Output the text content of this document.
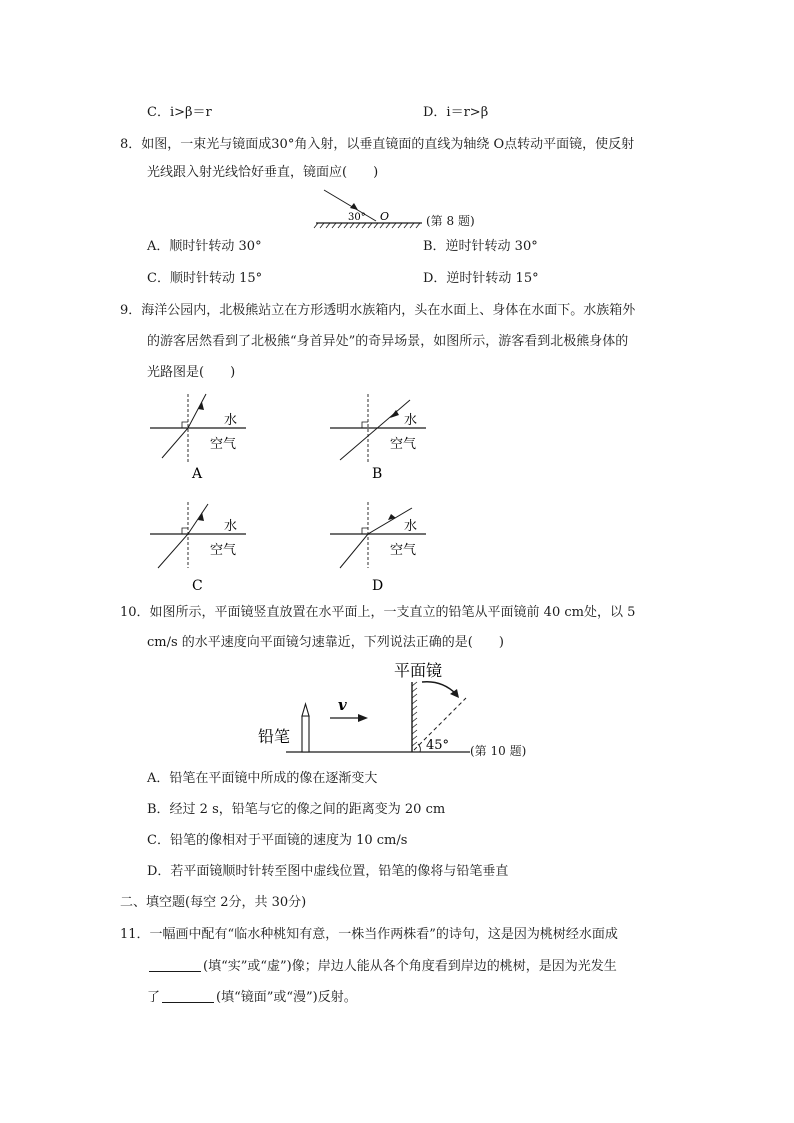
C．i>β＝r	D．i＝r>β
8．如图，一束光与镜面成30°角入射，以垂直镜面的直线为轴绕 O点转动平面镜，使反射
光线跟入射光线恰好垂直，镜面应(　　)
30° O	(第 8 题)
A．顺时针转动 30°	B．逆时针转动 30°
C．顺时针转动 15°	D．逆时针转动 15°
9．海洋公园内，北极熊站立在方形透明水族箱内，头在水面上、身体在水面下。水族箱外
的游客居然看到了北极熊“身首异处”的奇异场景，如图所示，游客看到北极熊身体的
光路图是(　　)
水
空气
A
水
空气
B
水
空气
C
水
空气
D
10．如图所示，平面镜竖直放置在水平面上，一支直立的铅笔从平面镜前 40 cm处，以 5
cm/s 的水平速度向平面镜匀速靠近，下列说法正确的是(　　)
平面镜
45°
铅笔
v
(第 10 题)
A．铅笔在平面镜中所成的像在逐渐变大
B．经过 2 s，铅笔与它的像之间的距离变为 20 cm
C．铅笔的像相对于平面镜的速度为 10 cm/s
D．若平面镜顺时针转至图中虚线位置，铅笔的像将与铅笔垂直
二、填空题(每空 2分，共 30分)
11．一幅画中配有“临水种桃知有意，一株当作两株看”的诗句，这是因为桃树经水面成
(填“实”或“虚”)像；岸边人能从各个角度看到岸边的桃树，是因为光发生
了	(填“镜面”或“漫”)反射。
